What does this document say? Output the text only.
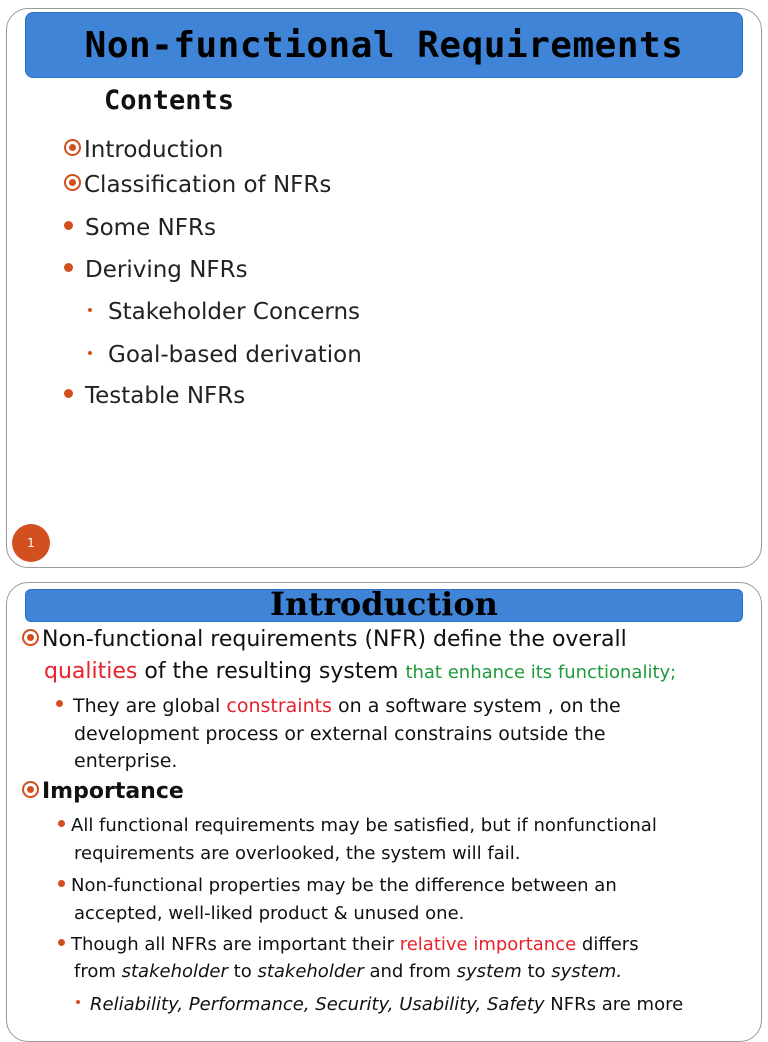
Non-functional Requirements
Contents
Introduction
Classification of NFRs
Some NFRs
Deriving NFRs
Stakeholder Concerns
Goal-based derivation
Testable NFRs
1
Introduction
Non-functional requirements (NFR) define the overall
qualities of the resulting system that enhance its functionality;
They are global constraints on a software system , on the
development process or external constrains outside the
enterprise.
Importance
All functional requirements may be satisfied, but if nonfunctional
requirements are overlooked, the system will fail.
Non-functional properties may be the difference between an
accepted, well-liked product & unused one.
Though all NFRs are important their relative importance differs
from stakeholder to stakeholder and from system to system.
Reliability, Performance, Security, Usability, Safety NFRs are more
